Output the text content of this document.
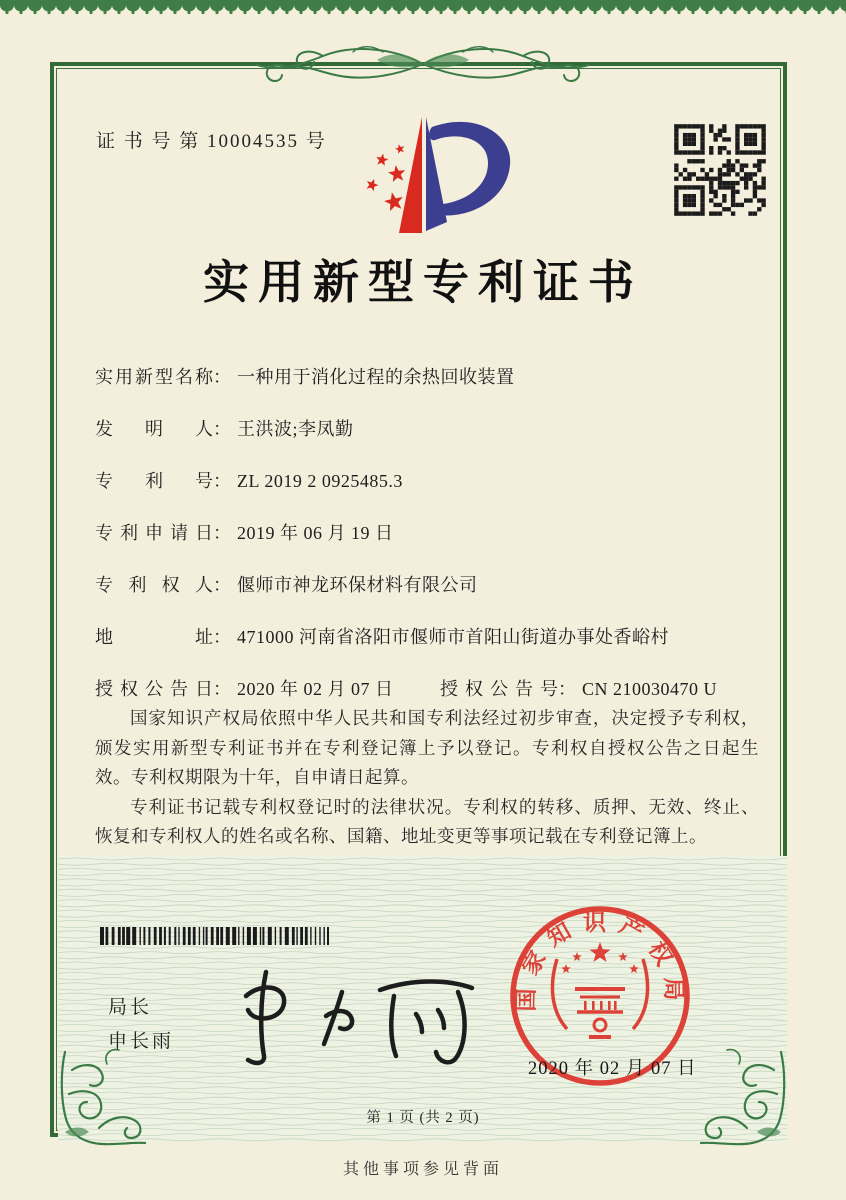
证 书 号 第 10004535 号
实用新型专利证书
实用新型名称： 一种用于消化过程的余热回收装置
发明人： 王洪波;李凤勤
专利号： ZL 2019 2 0925485.3
专利申请日： 2019 年 06 月 19 日
专利权人： 偃师市神龙环保材料有限公司
地址： 471000 河南省洛阳市偃师市首阳山街道办事处香峪村
授权公告日： 2020 年 02 月 07 日	授权公告号： CN 210030470 U

国家知识产权局依照中华人民共和国专利法经过初步审查，决定授予专利权，颁发实用新型专利证书并在专利登记簿上予以登记。专利权自授权公告之日起生效。专利权期限为十年，自申请日起算。

专利证书记载专利权登记时的法律状况。专利权的转移、质押、无效、终止、恢复和专利权人的姓名或名称、国籍、地址变更等事项记载在专利登记簿上。

局长
申长雨
国家知识产权局
2020 年 02 月 07 日
第 1 页 (共 2 页)
其他事项参见背面
